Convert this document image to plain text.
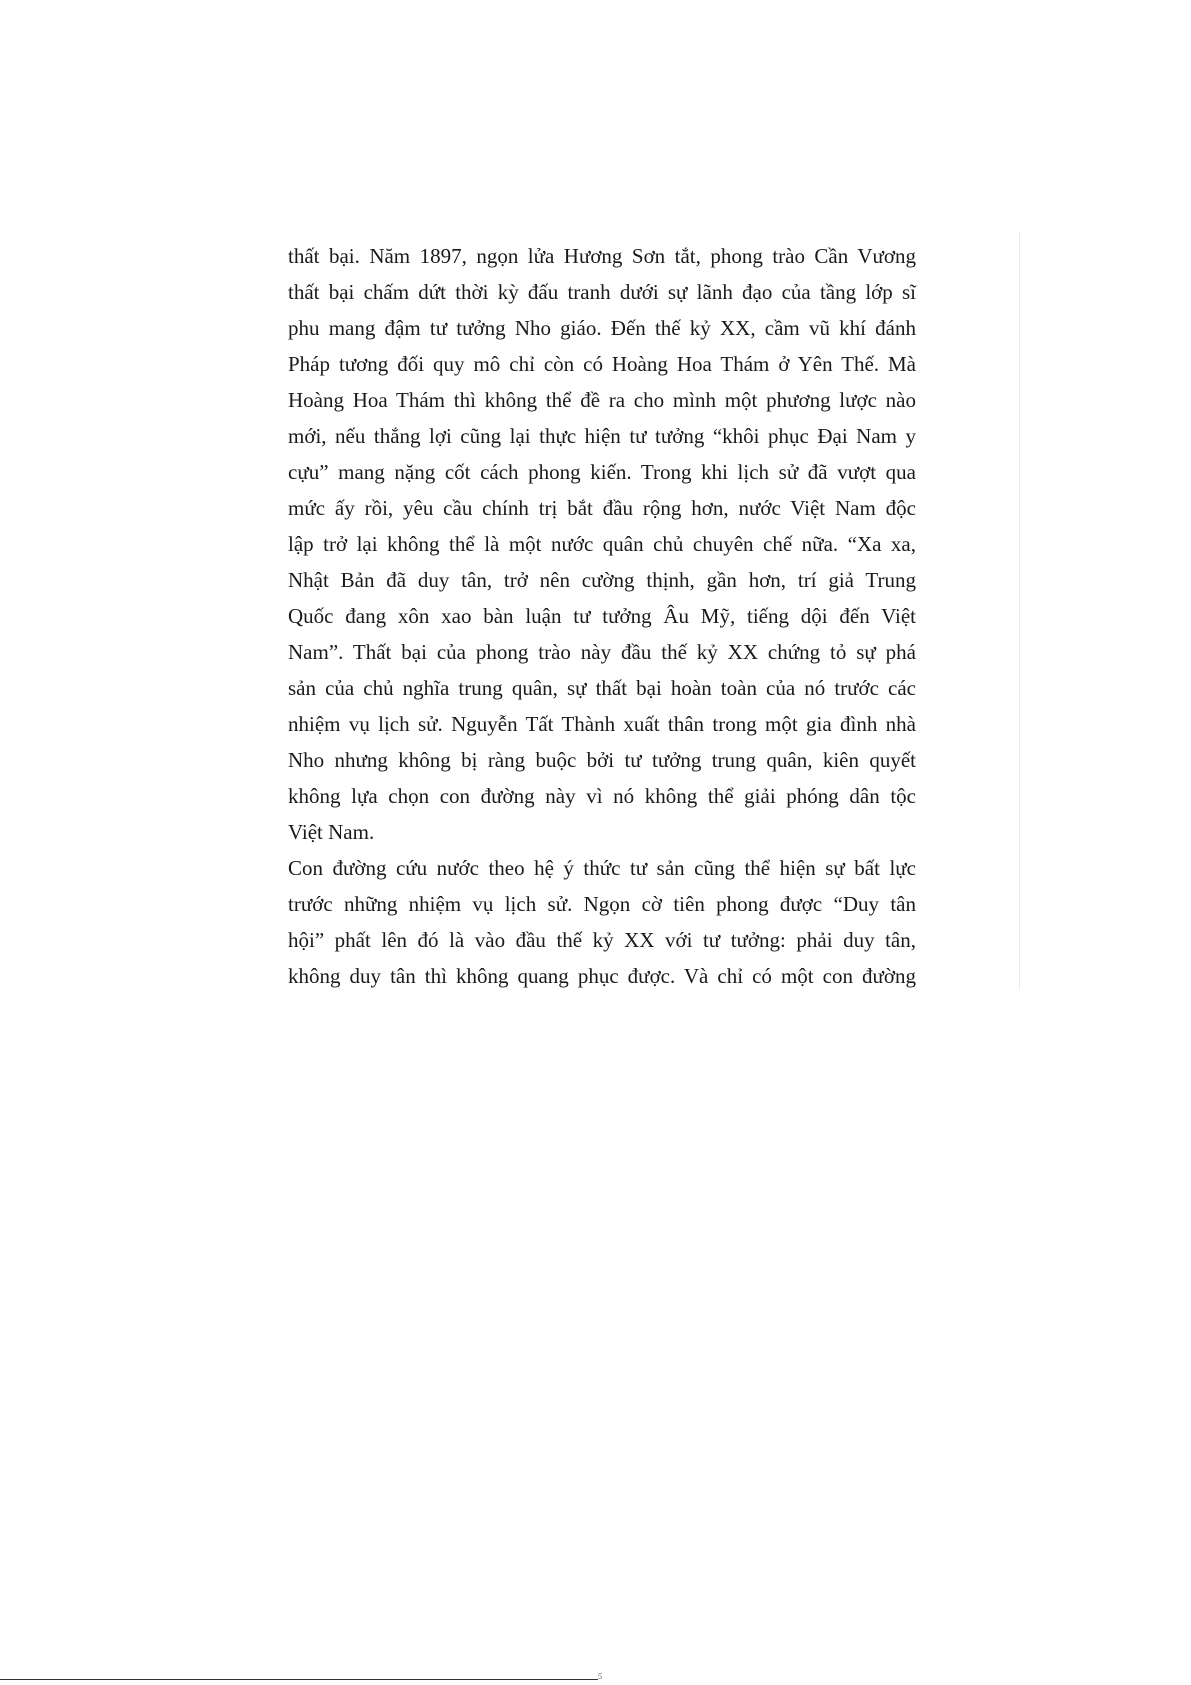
thất bại. Năm 1897, ngọn lửa Hương Sơn tắt, phong trào Cần Vương
thất bại chấm dứt thời kỳ đấu tranh dưới sự lãnh đạo của tầng lớp sĩ
phu mang đậm tư tưởng Nho giáo. Đến thế kỷ XX, cầm vũ khí đánh
Pháp tương đối quy mô chỉ còn có Hoàng Hoa Thám ở Yên Thế. Mà
Hoàng Hoa Thám thì không thể đề ra cho mình một phương lược nào
mới, nếu thắng lợi cũng lại thực hiện tư tưởng “khôi phục Đại Nam y
cựu” mang nặng cốt cách phong kiến. Trong khi lịch sử đã vượt qua
mức ấy rồi, yêu cầu chính trị bắt đầu rộng hơn, nước Việt Nam độc
lập trở lại không thể là một nước quân chủ chuyên chế nữa. “Xa xa,
Nhật Bản đã duy tân, trở nên cường thịnh, gần hơn, trí giả Trung
Quốc đang xôn xao bàn luận tư tưởng Âu Mỹ, tiếng dội đến Việt
Nam”. Thất bại của phong trào này đầu thế kỷ XX chứng tỏ sự phá
sản của chủ nghĩa trung quân, sự thất bại hoàn toàn của nó trước các
nhiệm vụ lịch sử. Nguyễn Tất Thành xuất thân trong một gia đình nhà
Nho nhưng không bị ràng buộc bởi tư tưởng trung quân, kiên quyết
không lựa chọn con đường này vì nó không thể giải phóng dân tộc
Việt Nam.
Con đường cứu nước theo hệ ý thức tư sản cũng thể hiện sự bất lực
trước những nhiệm vụ lịch sử. Ngọn cờ tiên phong được “Duy tân
hội” phất lên đó là vào đầu thế kỷ XX với tư tưởng: phải duy tân,
không duy tân thì không quang phục được. Và chỉ có một con đường
5
